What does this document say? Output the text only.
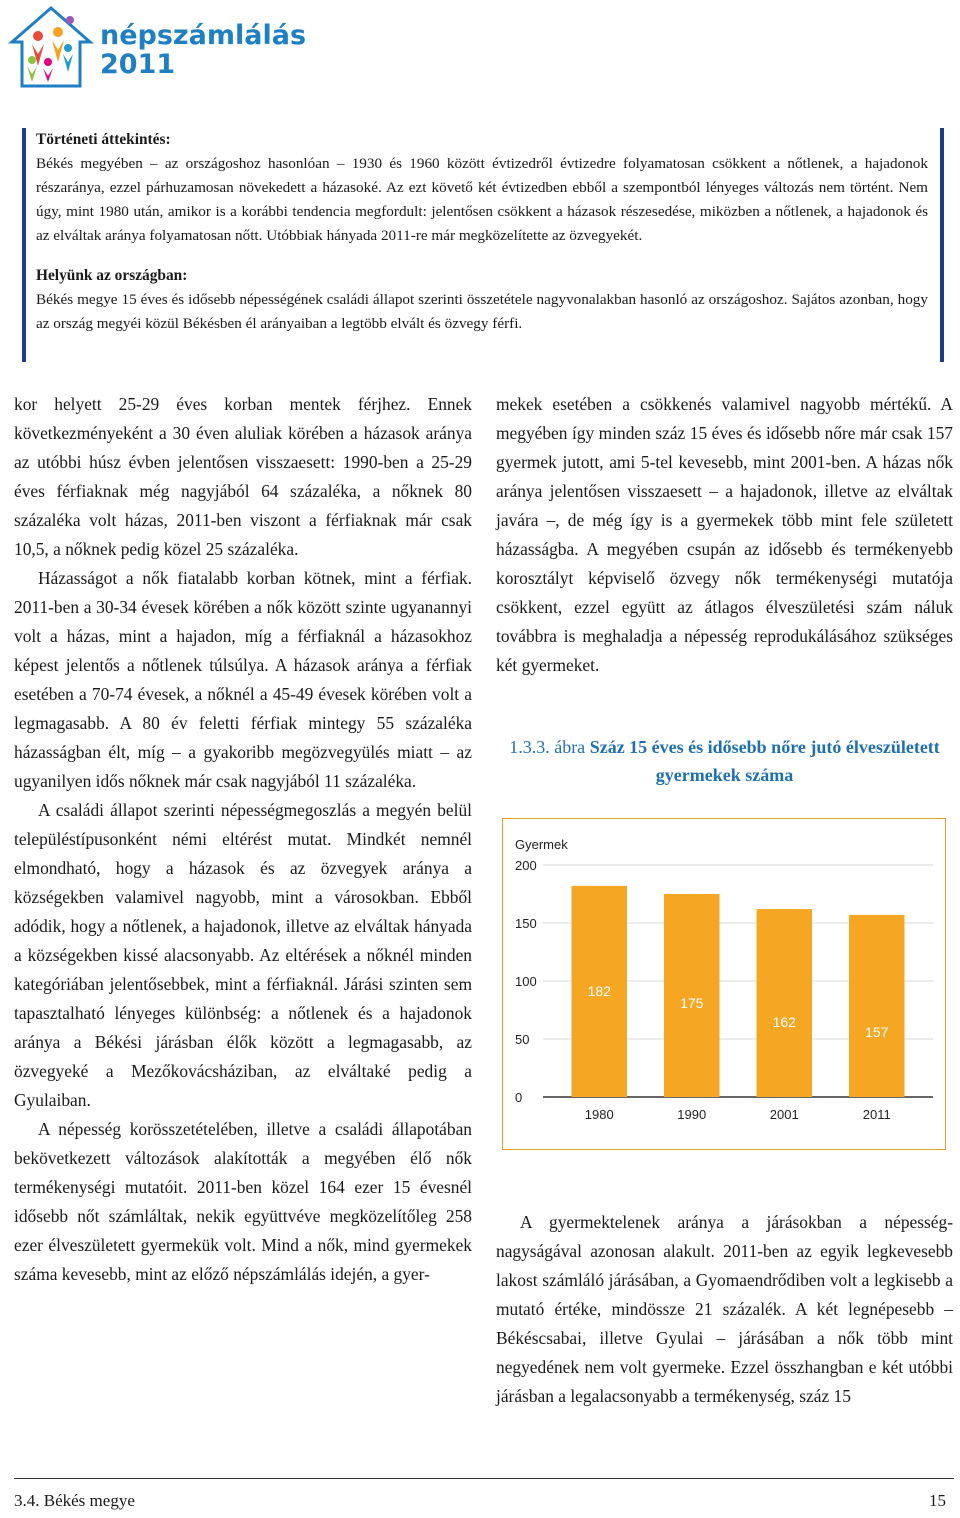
népszámlálás
2011
Történeti áttekintés:

Békés megyében – az országoshoz hasonlóan – 1930 és 1960 között évtizedről évtizedre folyamatosan csökkent a nőtlenek, a hajadonok részaránya, ezzel párhuzamosan növekedett a házasoké. Az ezt követő két évtizedben ebből a szempontból lényeges változás nem történt. Nem úgy, mint 1980 után, amikor is a korábbi tendencia megfordult: jelentősen csökkent a házasok részesedése, miközben a nőtlenek, a hajadonok és az elváltak aránya folyamatosan nőtt. Utóbbiak hányada 2011-re már megközelítette az özvegyekét.

Helyünk az országban:

Békés megye 15 éves és idősebb népességének családi állapot szerinti összetétele nagyvonalakban hasonló az országoshoz. Sajátos azonban, hogy az ország megyéi közül Békésben él arányaiban a legtöbb elvált és özvegy férfi.

kor helyett 25-29 éves korban mentek férjhez. Ennek következményeként a 30 éven aluliak körében a házasok aránya az utóbbi húsz évben jelentősen visszaesett: 1990-ben a 25-29 éves férfiaknak még nagyjából 64 százaléka, a nőknek 80 százaléka volt házas, 2011-ben viszont a férfiaknak már csak 10,5, a nőknek pedig közel 25 százaléka.

Házasságot a nők fiatalabb korban kötnek, mint a férfiak. 2011-ben a 30-34 évesek körében a nők között szinte ugyanannyi volt a házas, mint a hajadon, míg a férfiaknál a házasokhoz képest jelentős a nőtlenek túlsúlya. A házasok aránya a férfiak esetében a 70-74 évesek, a nőknél a 45-49 évesek körében volt a legmagasabb. A 80 év feletti férfiak mintegy 55 százaléka házasságban élt, míg – a gyakoribb megözvegyülés miatt – az ugyanilyen idős nőknek már csak nagyjából 11 százaléka.

A családi állapot szerinti népességmegoszlás a megyén belül településtípusonként némi eltérést mutat. Mindkét nemnél elmondható, hogy a házasok és az özvegyek aránya a községekben valamivel nagyobb, mint a városokban. Ebből adódik, hogy a nőtlenek, a hajadonok, illetve az elváltak hányada a községekben kissé alacsonyabb. Az eltérések a nőknél minden kategóriában jelentősebbek, mint a férfiaknál. Járási szinten sem tapasztalható lényeges különbség: a nőtlenek és a hajadonok aránya a Békési járásban élők között a legmagasabb, az özvegyeké a Mezőkovácsháziban, az elváltaké pedig a Gyulaiban.

A népesség korösszetételében, illetve a családi állapotában bekövetkezett változások alakították a megyében élő nők termékenységi mutatóit. 2011-ben közel 164 ezer 15 évesnél idősebb nőt számláltak, nekik együttvéve megközelítőleg 258 ezer élveszületett gyermekük volt. Mind a nők, mind gyermekek száma kevesebb, mint az előző népszámlálás idején, a gyer-

mekek esetében a csökkenés valamivel nagyobb mértékű. A megyében így minden száz 15 éves és idősebb nőre már csak 157 gyermek jutott, ami 5-tel kevesebb, mint 2001-ben. A házas nők aránya jelentősen visszaesett – a hajadonok, illetve az elváltak javára –, de még így is a gyermekek több mint fele született házasságba. A megyében csupán az idősebb és termékenyebb korosztályt képviselő özvegy nők termékenységi mutatója csökkent, ezzel együtt az átlagos élveszületési szám náluk továbbra is meghaladja a népesség reprodukálásához szükséges két gyermeket.

1.3.3. ábra Száz 15 éves és idősebb nőre jutó élveszületett gyermekek száma
Gyermek
0
50
100
150
200
182
1980
175
1990
162
2001
157
2011

A gyermektelenek aránya a járásokban a népesség-nagyságával azonosan alakult. 2011-ben az egyik legkevesebb lakost számláló járásában, a Gyomaendrődiben volt a legkisebb a mutató értéke, mindössze 21 százalék. A két legnépesebb – Békéscsabai, illetve Gyulai – járásában a nők több mint negyedének nem volt gyermeke. Ezzel összhangban e két utóbbi járásban a legalacsonyabb a termékenység, száz 15

3.4. Békés megye	15
